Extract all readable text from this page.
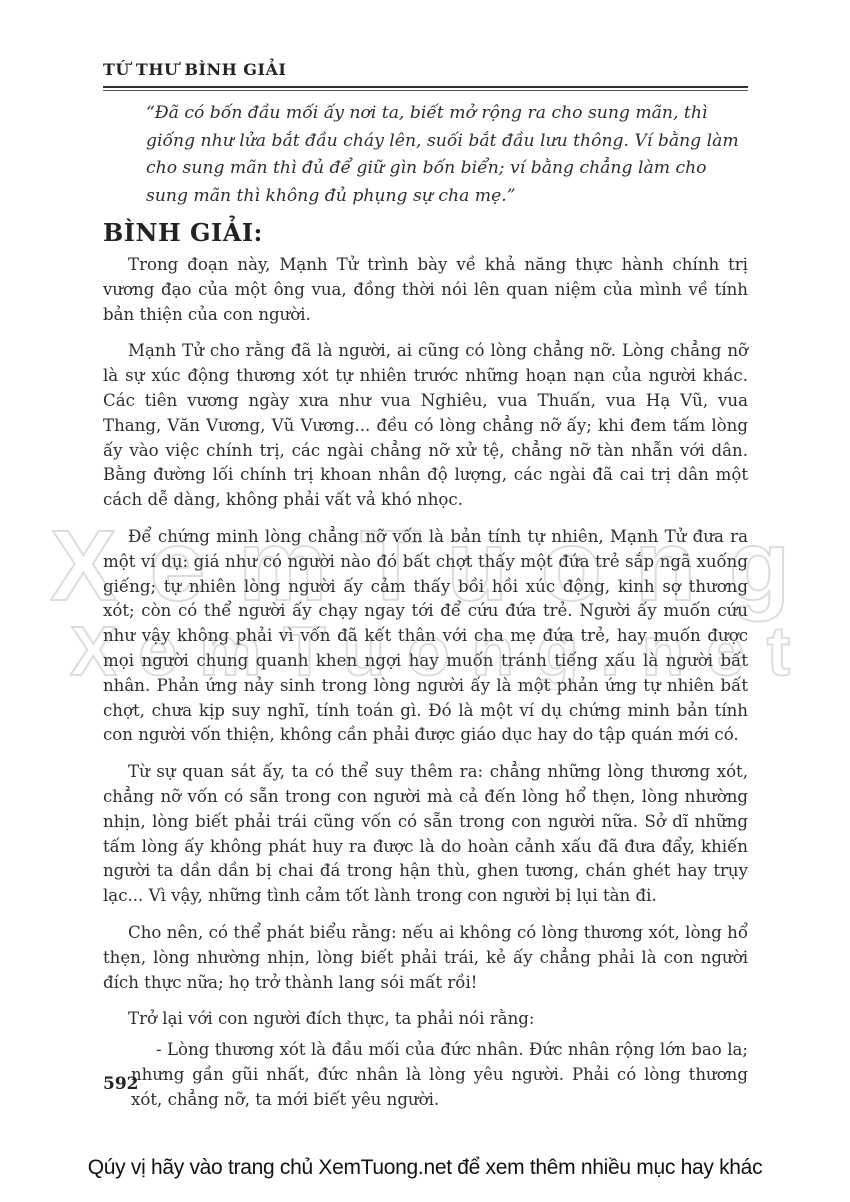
TỨ THƯ BÌNH GIẢI
“Đã có bốn đầu mối ấy nơi ta, biết mở rộng ra cho sung mãn, thì giống như lửa bắt đầu cháy lên, suối bắt đầu lưu thông. Ví bằng làm cho sung mãn thì đủ để giữ gìn bốn biển; ví bằng chẳng làm cho sung mãn thì không đủ phụng sự cha mẹ.”
BÌNH GIẢI:

Trong đoạn này, Mạnh Tử trình bày về khả năng thực hành chính trị vương đạo của một ông vua, đồng thời nói lên quan niệm của mình về tính bản thiện của con người.

Mạnh Tử cho rằng đã là người, ai cũng có lòng chẳng nỡ. Lòng chẳng nỡ là sự xúc động thương xót tự nhiên trước những hoạn nạn của người khác. Các tiên vương ngày xưa như vua Nghiêu, vua Thuấn, vua Hạ Vũ, vua Thang, Văn Vương, Vũ Vương... đều có lòng chẳng nỡ ấy; khi đem tấm lòng ấy vào việc chính trị, các ngài chẳng nỡ xử tệ, chẳng nỡ tàn nhẫn với dân. Bằng đường lối chính trị khoan nhân độ lượng, các ngài đã cai trị dân một cách dễ dàng, không phải vất vả khó nhọc.

Để chứng minh lòng chẳng nỡ vốn là bản tính tự nhiên, Mạnh Tử đưa ra một ví dụ: giá như có người nào đó bất chợt thấy một đứa trẻ sắp ngã xuống giếng; tự nhiên lòng người ấy cảm thấy bồi hồi xúc động, kinh sợ thương xót; còn có thể người ấy chạy ngay tới để cứu đứa trẻ. Người ấy muốn cứu như vậy không phải vì vốn đã kết thân với cha mẹ đứa trẻ, hay muốn được mọi người chung quanh khen ngợi hay muốn tránh tiếng xấu là người bất nhân. Phản ứng nảy sinh trong lòng người ấy là một phản ứng tự nhiên bất chợt, chưa kịp suy nghĩ, tính toán gì. Đó là một ví dụ chứng minh bản tính con người vốn thiện, không cần phải được giáo dục hay do tập quán mới có.

Từ sự quan sát ấy, ta có thể suy thêm ra: chẳng những lòng thương xót, chẳng nỡ vốn có sẵn trong con người mà cả đến lòng hổ thẹn, lòng nhường nhịn, lòng biết phải trái cũng vốn có sẵn trong con người nữa. Sở dĩ những tấm lòng ấy không phát huy ra được là do hoàn cảnh xấu đã đưa đẩy, khiến người ta dần dần bị chai đá trong hận thù, ghen tương, chán ghét hay trụy lạc... Vì vậy, những tình cảm tốt lành trong con người bị lụi tàn đi.

Cho nên, có thể phát biểu rằng: nếu ai không có lòng thương xót, lòng hổ thẹn, lòng nhường nhịn, lòng biết phải trái, kẻ ấy chẳng phải là con người đích thực nữa; họ trở thành lang sói mất rồi!

Trở lại với con người đích thực, ta phải nói rằng:

- Lòng thương xót là đầu mối của đức nhân. Đức nhân rộng lớn bao la; nhưng gần gũi nhất, đức nhân là lòng yêu người. Phải có lòng thương xót, chẳng nỡ, ta mới biết yêu người.

XemTuong
XemTuong.net
592
Qúy vị hãy vào trang chủ XemTuong.net để xem thêm nhiều mục hay khác
